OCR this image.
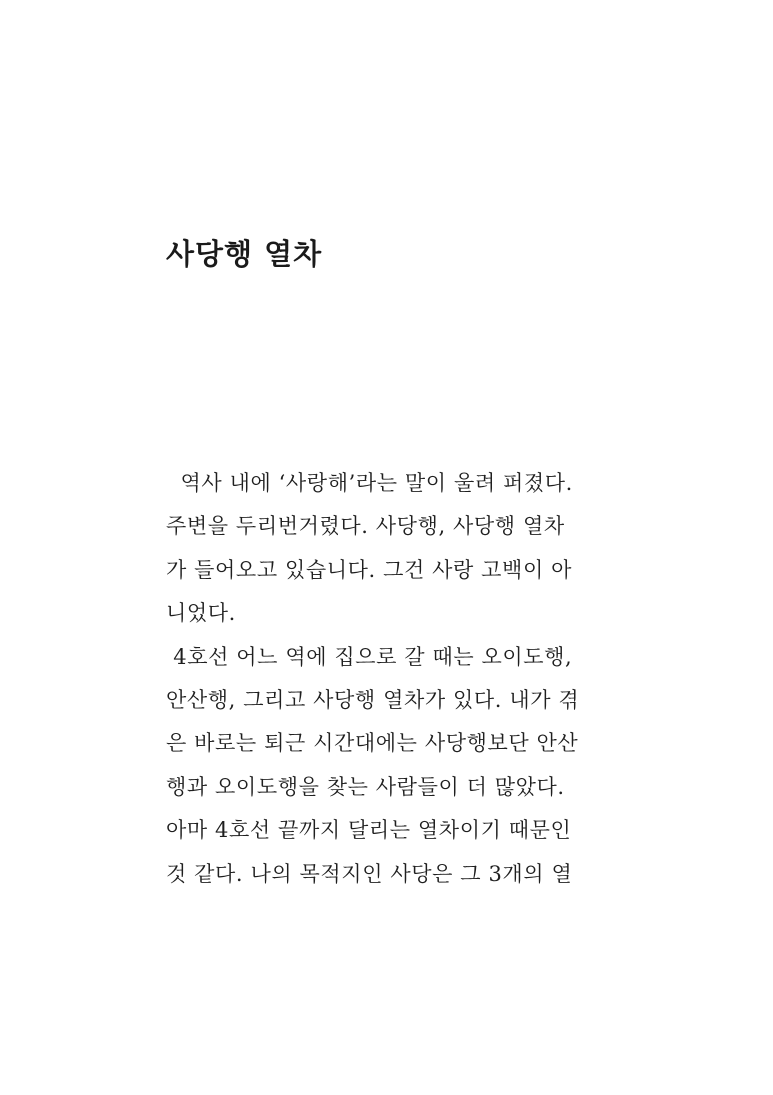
사당행 열차
역사 내에 ‘사랑해’라는 말이 울려 퍼졌다.
주변을 두리번거렸다. 사당행, 사당행 열차
가 들어오고 있습니다. 그건 사랑 고백이 아
니었다.
4호선 어느 역에 집으로 갈 때는 오이도행,
안산행, 그리고 사당행 열차가 있다. 내가 겪
은 바로는 퇴근 시간대에는 사당행보단 안산
행과 오이도행을 찾는 사람들이 더 많았다.
아마 4호선 끝까지 달리는 열차이기 때문인
것 같다. 나의 목적지인 사당은 그 3개의 열
